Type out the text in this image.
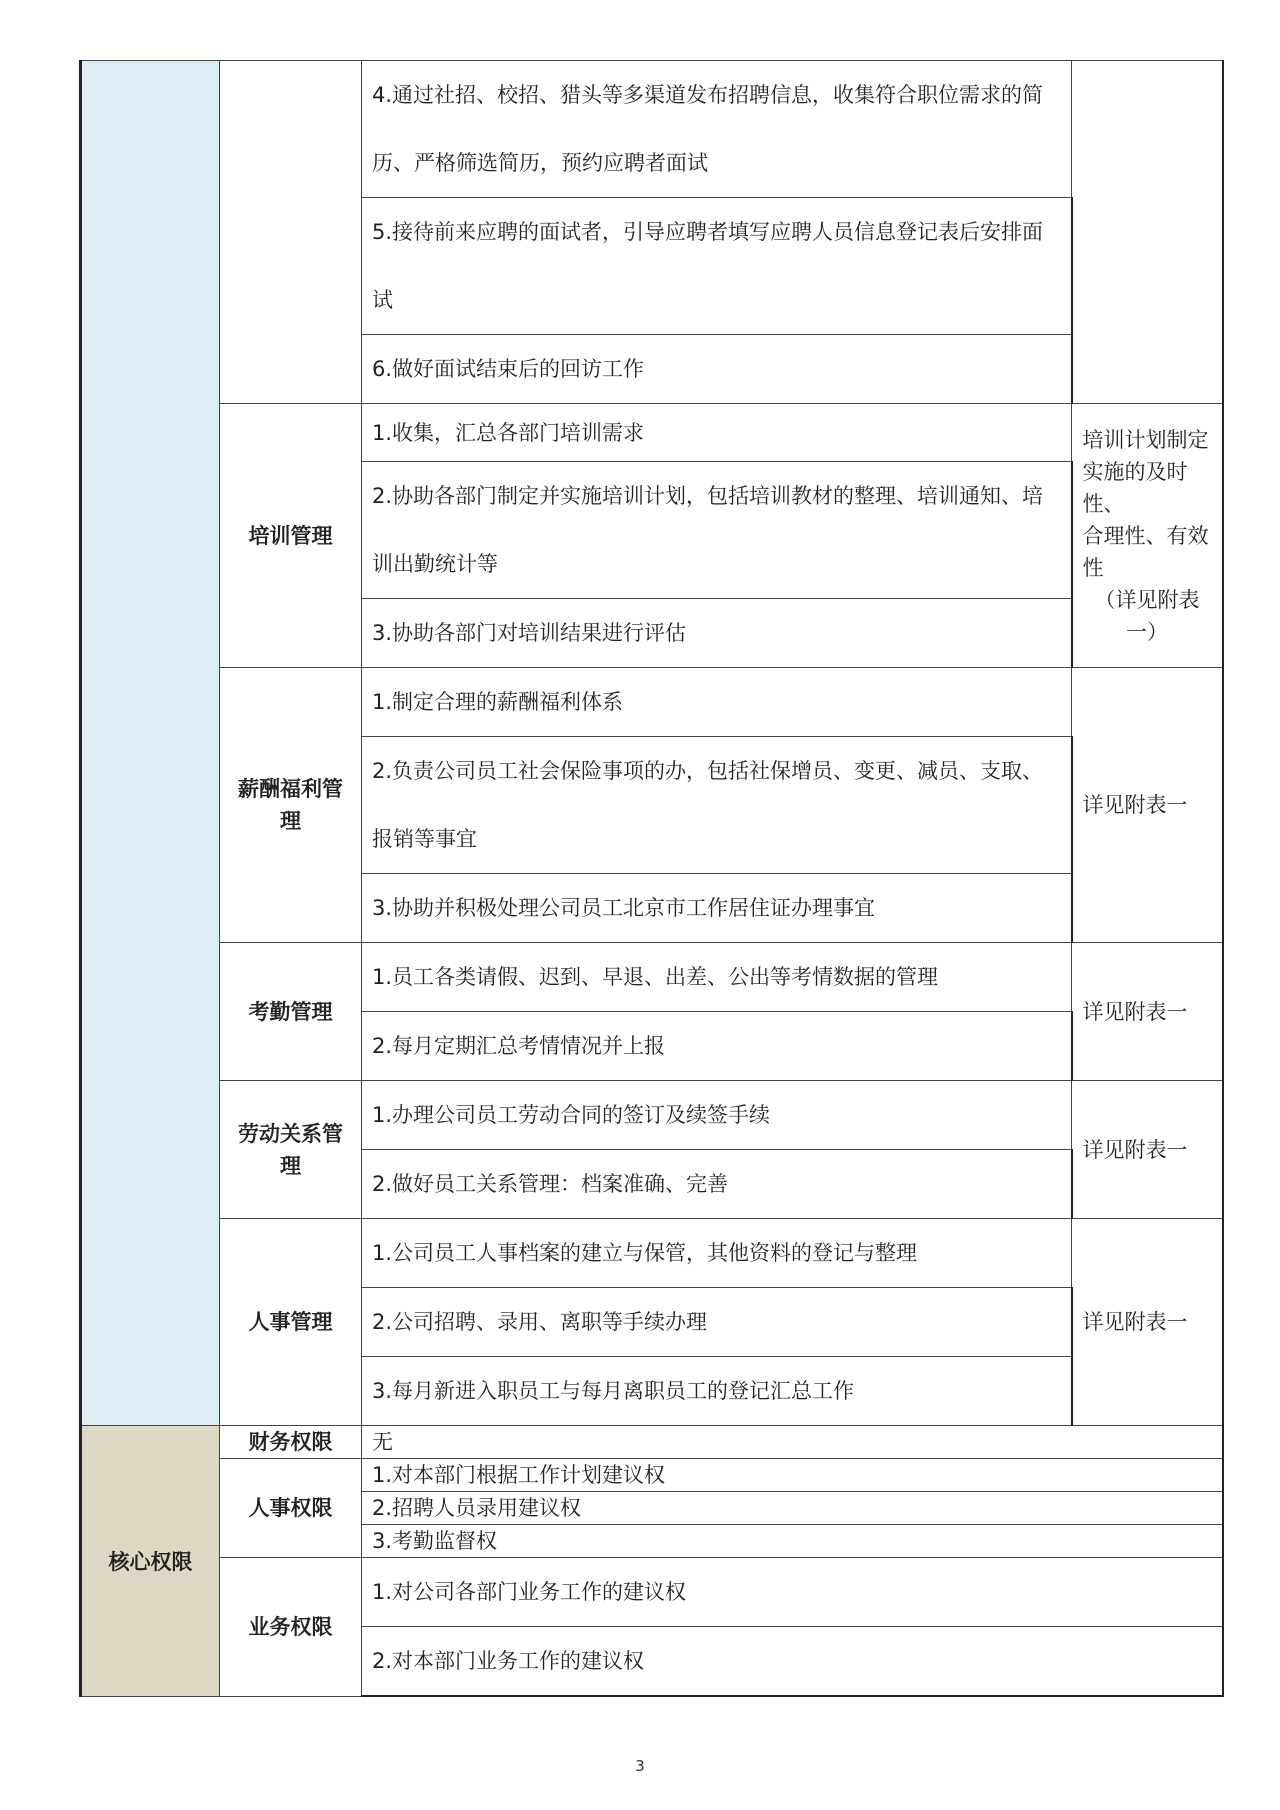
		4.通过社招、校招、猎头等多渠道发布招聘信息，收集符合职位需求的简历、严格筛选简历，预约应聘者面试	
		5.接待前来应聘的面试者，引导应聘者填写应聘人员信息登记表后安排面试	
		6.做好面试结束后的回访工作	
	培训管理	1.收集，汇总各部门培训需求	培训计划制定
实施的及时性、
合理性、有效性
（详见附表一）

		2.协助各部门制定并实施培训计划，包括培训教材的整理、培训通知、培训出勤统计等	
		3.协助各部门对培训结果进行评估	
	薪酬福利管理	1.制定合理的薪酬福利体系	详见附表一
		2.负责公司员工社会保险事项的办，包括社保增员、变更、减员、支取、报销等事宜	
		3.协助并积极处理公司员工北京市工作居住证办理事宜	
	考勤管理	1.员工各类请假、迟到、早退、出差、公出等考情数据的管理	详见附表一
		2.每月定期汇总考情情况并上报	
	劳动关系管理	1.办理公司员工劳动合同的签订及续签手续	详见附表一
		2.做好员工关系管理：档案准确、完善	
	人事管理	1.公司员工人事档案的建立与保管，其他资料的登记与整理	详见附表一
		2.公司招聘、录用、离职等手续办理	
		3.每月新进入职员工与每月离职员工的登记汇总工作	
核心权限	财务权限	无	
	人事权限	1.对本部门根据工作计划建议权	
		2.招聘人员录用建议权	
		3.考勤监督权	
	业务权限	1.对公司各部门业务工作的建议权	
		2.对本部门业务工作的建议权	
3
